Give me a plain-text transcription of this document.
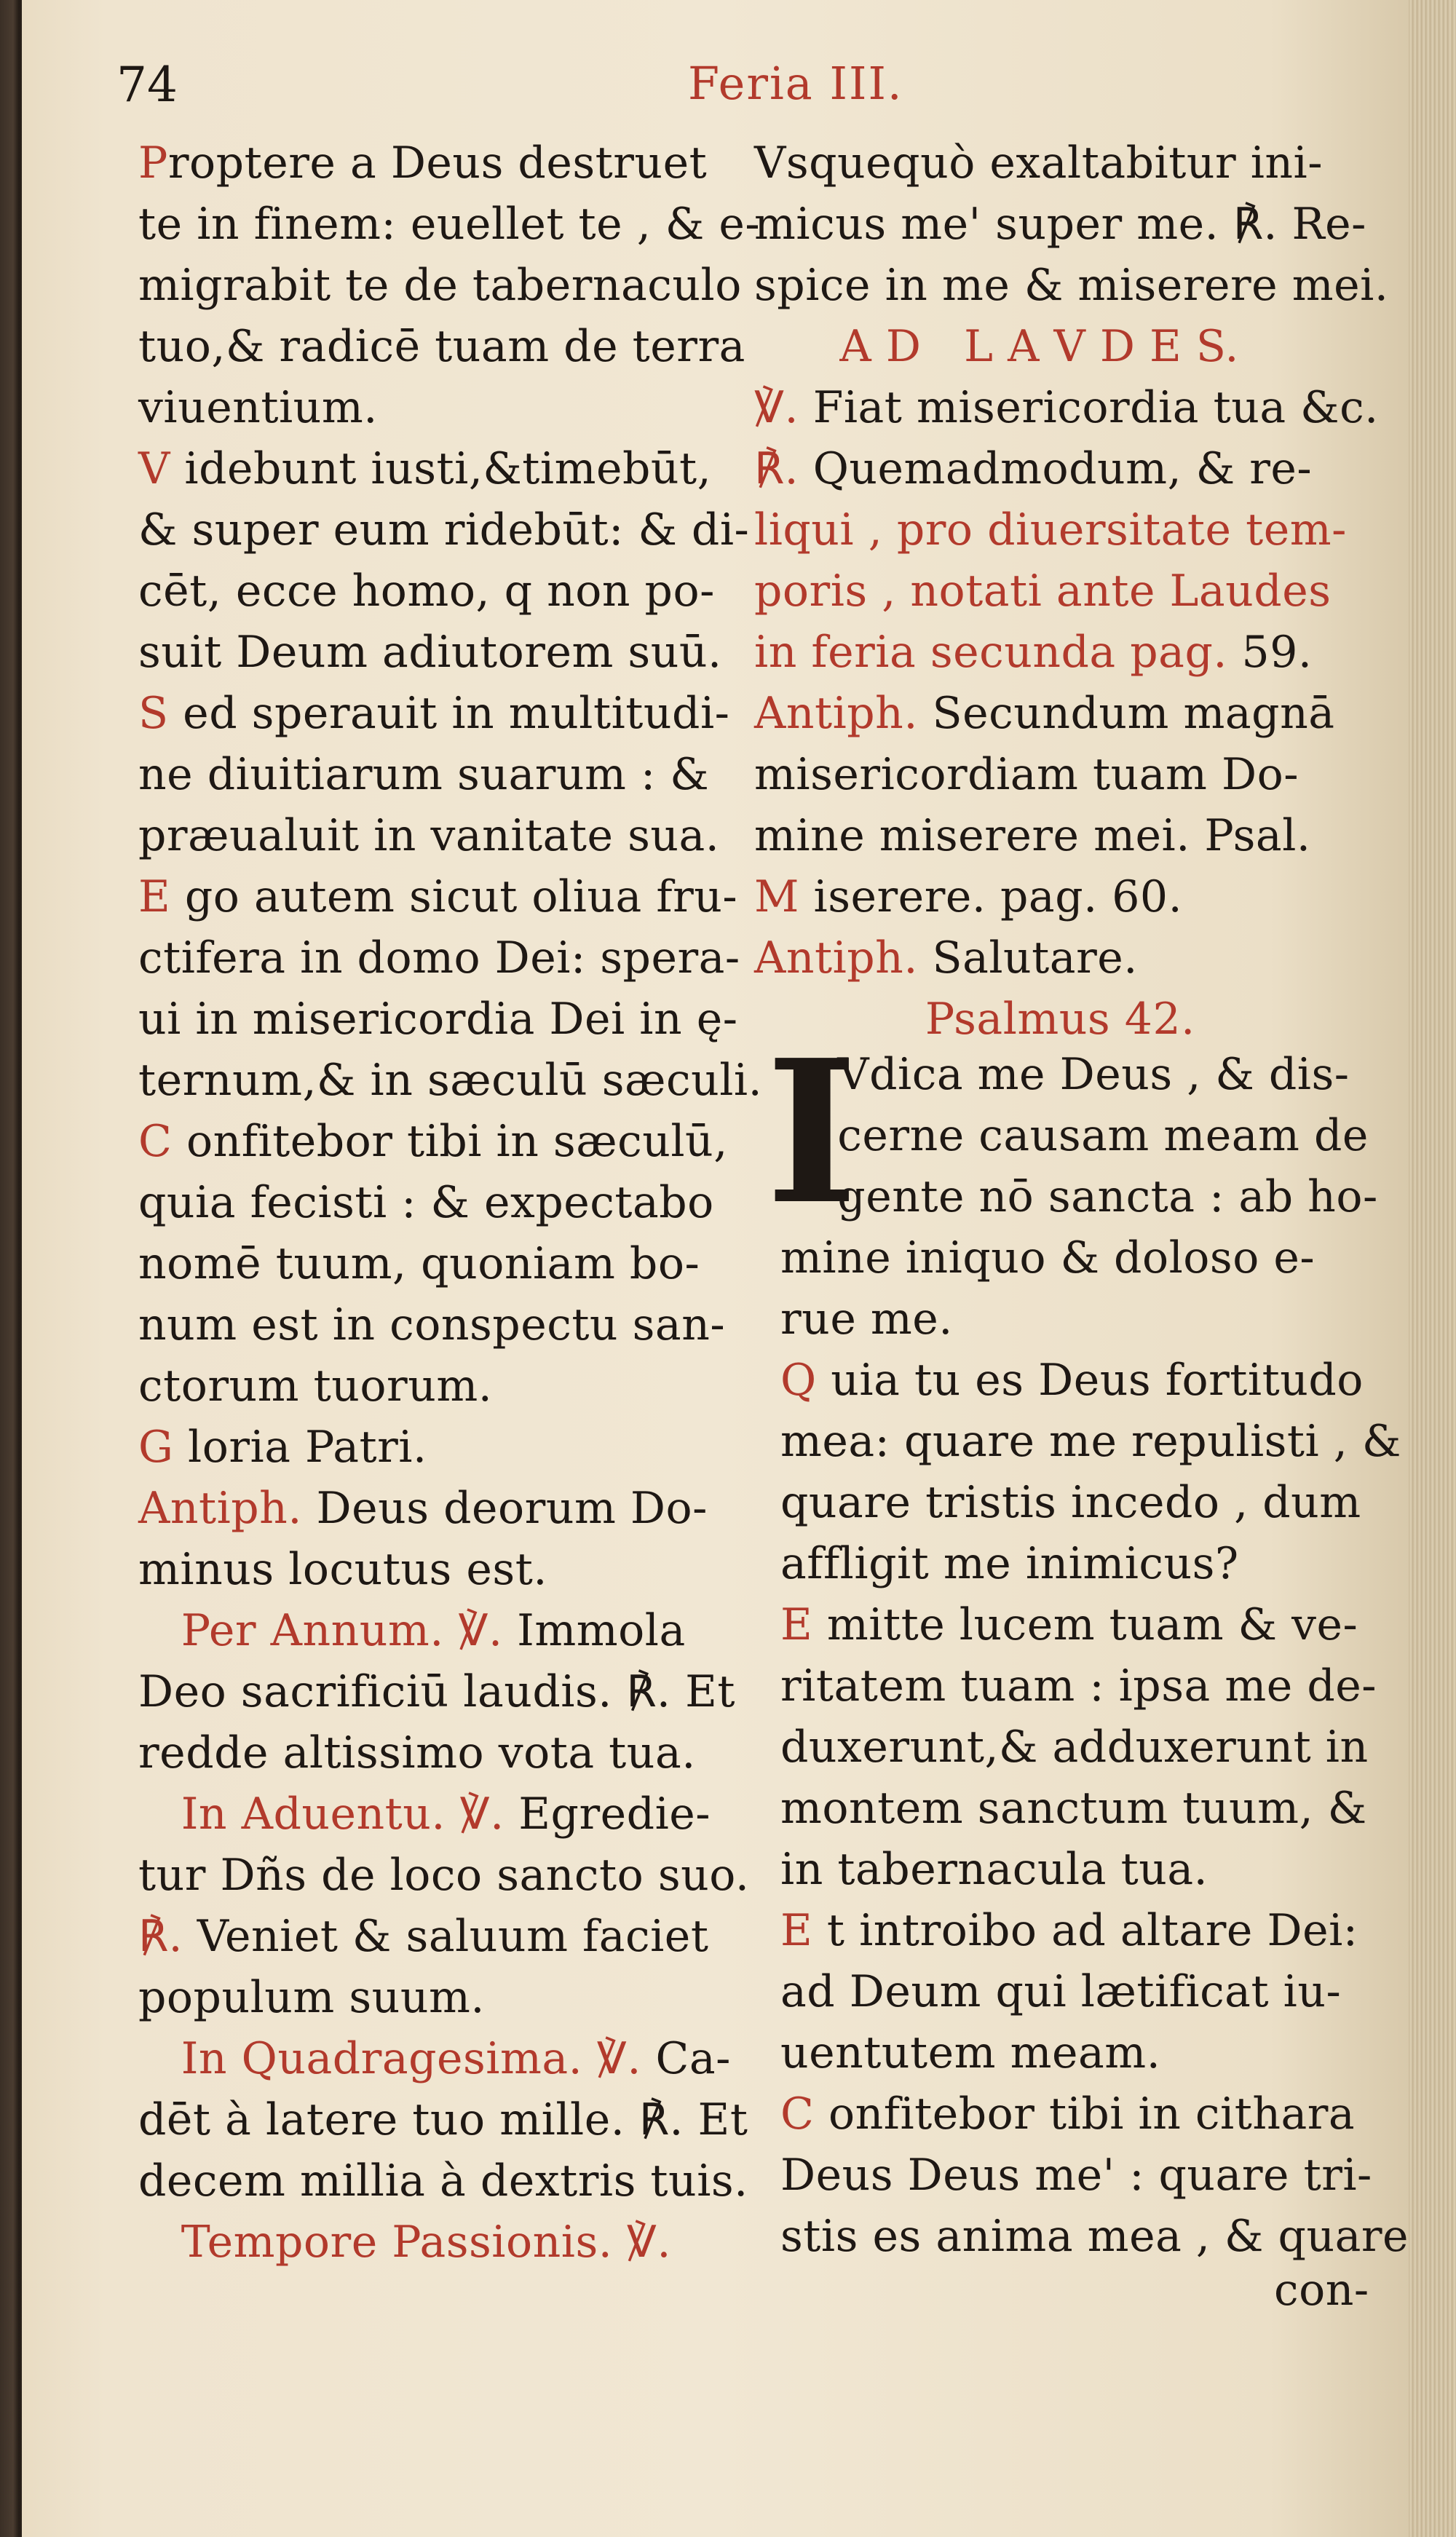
74	Feria III.
Proptere a Deus destruet
te in finem: euellet te , & e-
migrabit te de tabernaculo
tuo,& radicē tuam de terra
viuentium.
V idebunt iusti,&timebūt,
& super eum ridebūt: & di-
cēt, ecce homo, q non po-
suit Deum adiutorem suū.
S ed sperauit in multitudi-
ne diuitiarum suarum : &
præualuit in vanitate sua.
E go autem sicut oliua fru-
ctifera in domo Dei: spera-
ui in misericordia Dei in ę-
ternum,& in sæculū sæculi.
C onfitebor tibi in sæculū,
quia fecisti : & expectabo
nomē tuum, quoniam bo-
num est in conspectu san-
ctorum tuorum.
G loria Patri.
Antiph. Deus deorum Do-
minus locutus est.
Per Annum. ℣. Immola
Deo sacrificiū laudis. ℟. Et
redde altissimo vota tua.
In Aduentu. ℣. Egredie-
tur Dñs de loco sancto suo.
℟. Veniet & saluum faciet
populum suum.
In Quadragesima. ℣. Ca-
dēt à latere tuo mille. ℟. Et
decem millia à dextris tuis.
Tempore Passionis. ℣.
Vsquequò exaltabitur ini-
micus me' super me. ℟. Re-
spice in me & miserere mei.
A D   L A V D E S.
℣. Fiat misericordia tua &c.
℟. Quemadmodum, & re-
liqui , pro diuersitate tem-
poris , notati ante Laudes
in feria secunda pag. 59.
Antiph. Secundum magnā
misericordiam tuam Do-
mine miserere mei. Psal.
M iserere. pag. 60.
Antiph. Salutare.
Psalmus 42.
I
Vdica me Deus , & dis-
cerne causam meam de
gente nō sancta : ab ho-
mine iniquo & doloso e-
rue me.
Q uia tu es Deus fortitudo
mea: quare me repulisti , &
quare tristis incedo , dum
affligit me inimicus?
E mitte lucem tuam & ve-
ritatem tuam : ipsa me de-
duxerunt,& adduxerunt in
montem sanctum tuum, &
in tabernacula tua.
E t introibo ad altare Dei:
ad Deum qui lætificat iu-
uentutem meam.
C onfitebor tibi in cithara
Deus Deus me' : quare tri-
stis es anima mea , & quare
con-
